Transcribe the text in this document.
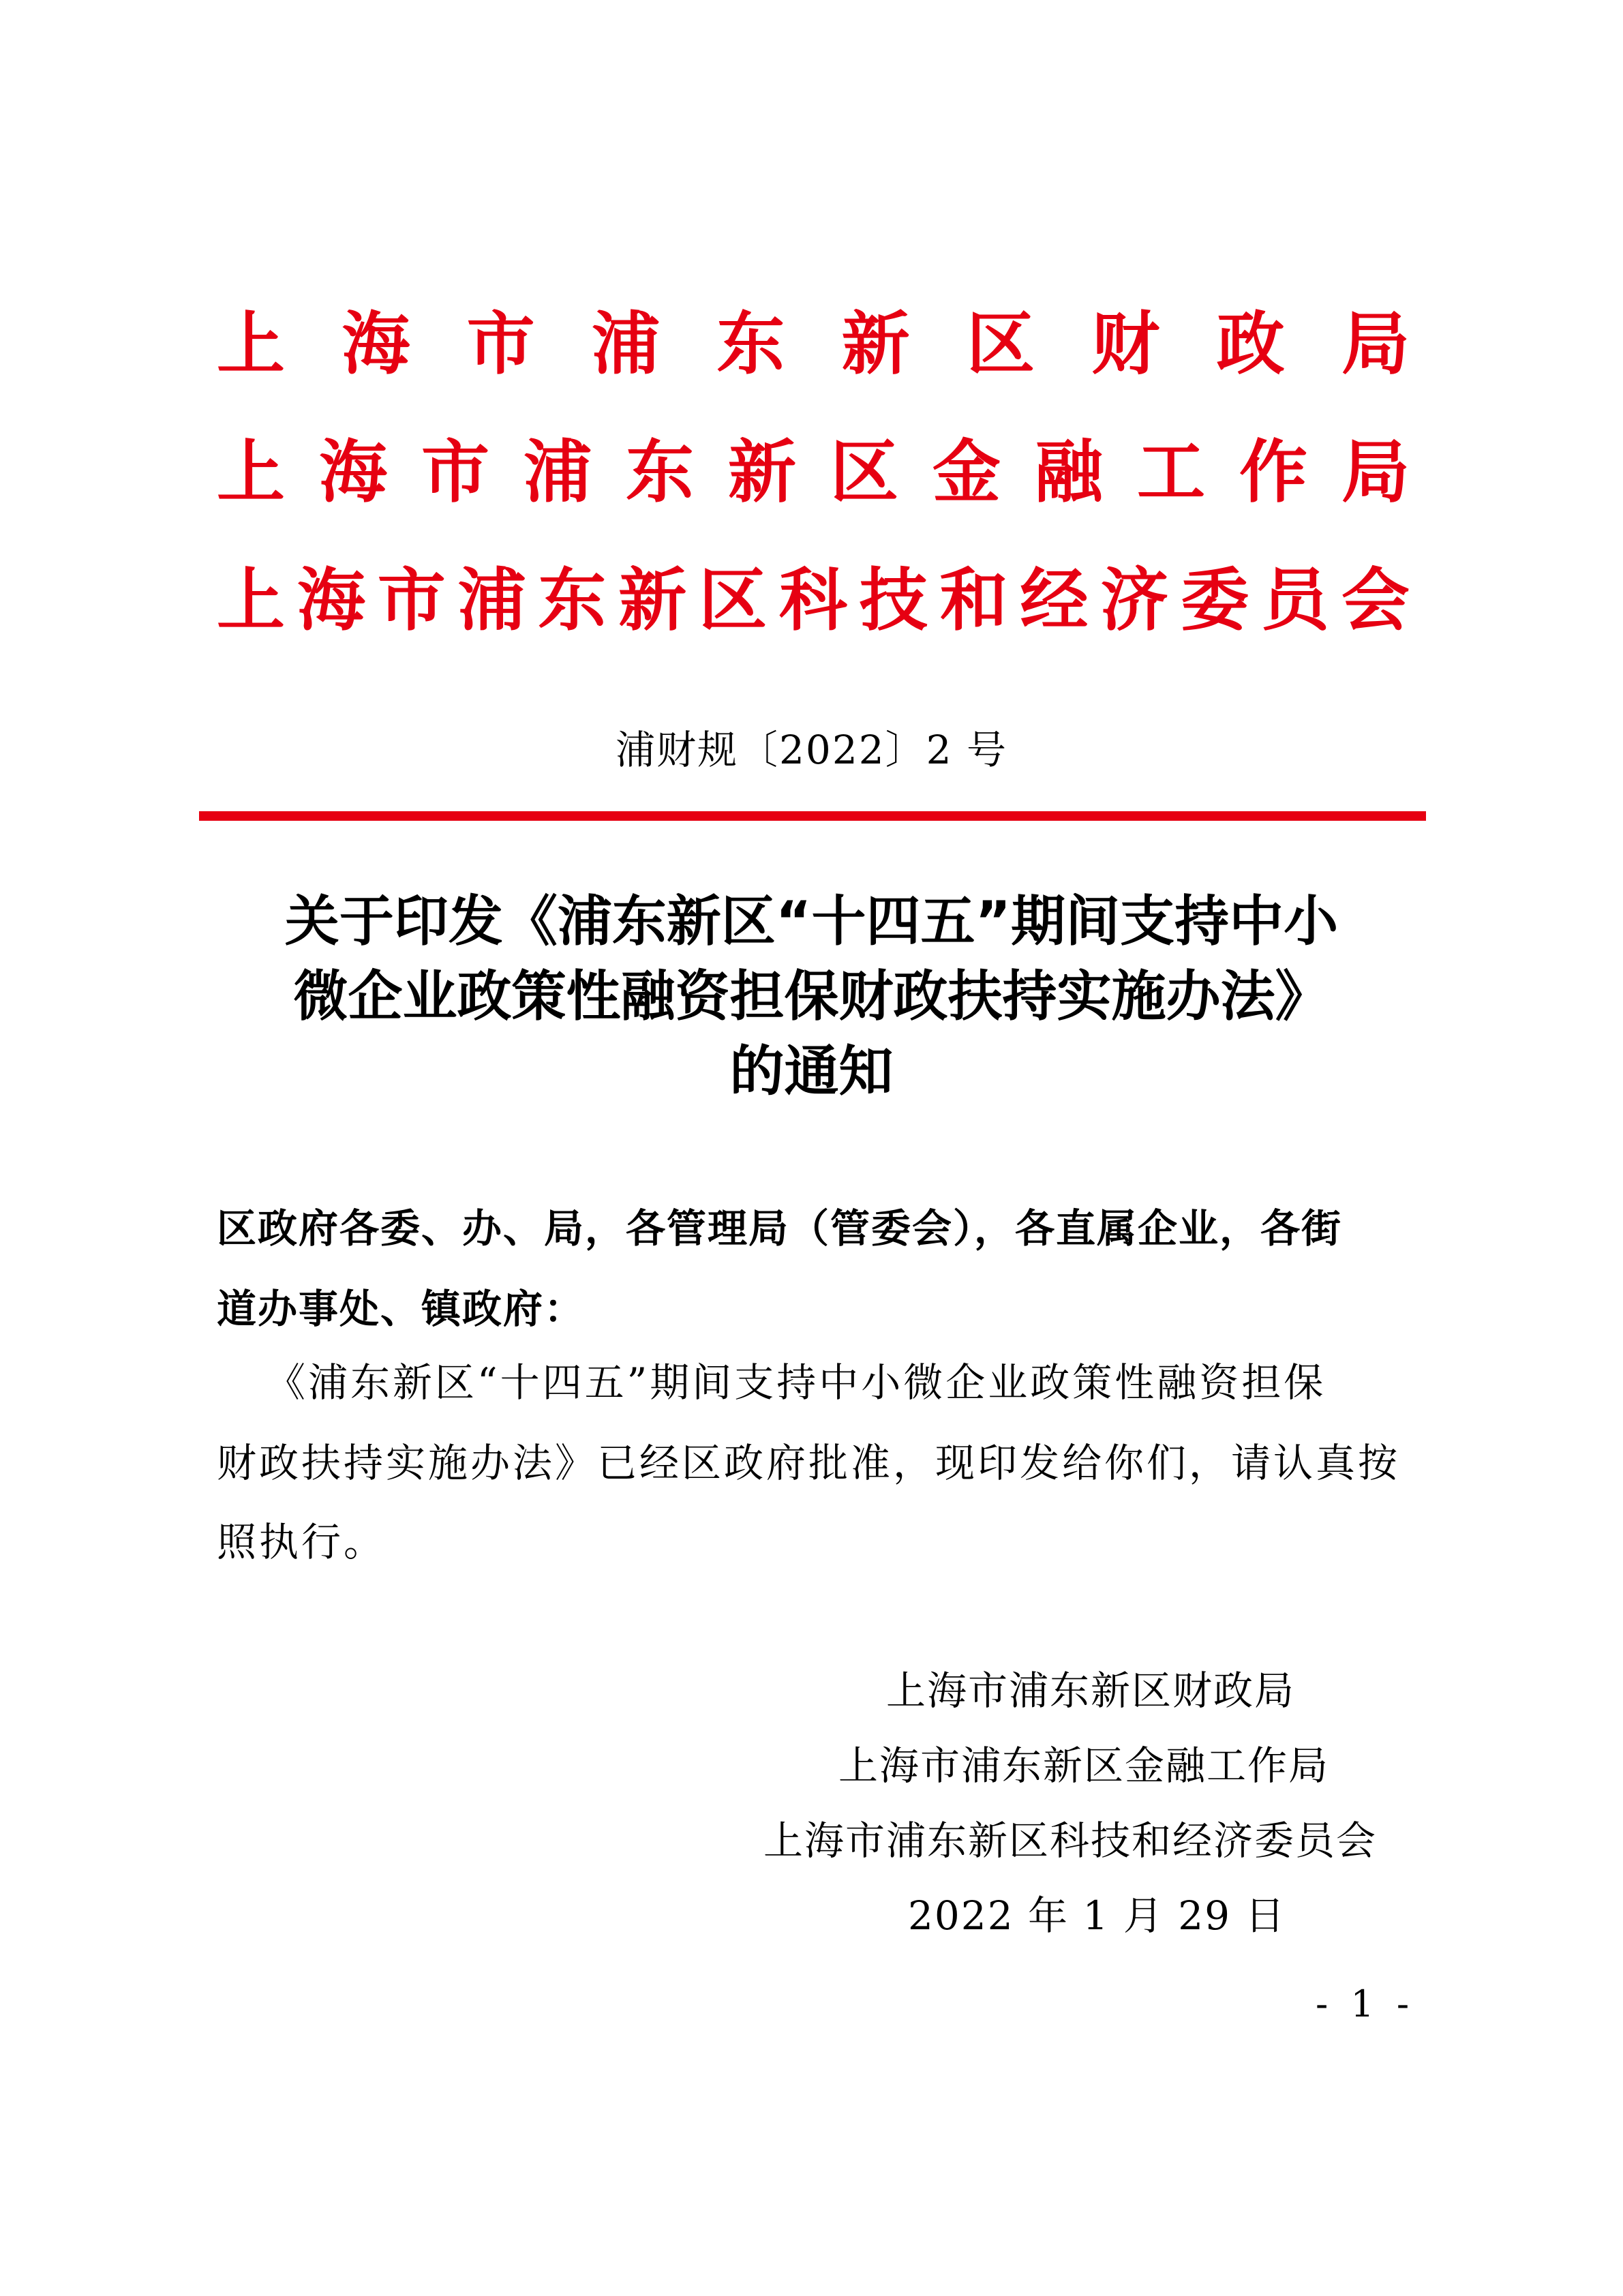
上 海 市 浦 东 新 区 财 政 局
上 海 市 浦 东 新 区 金 融 工 作 局
上 海 市 浦 东 新 区 科 技 和 经 济 委 员 会
浦财规〔2022〕2 号
关于印发《浦东新区“十四五”期间支持中小
微企业政策性融资担保财政扶持实施办法》
的通知
区政府各委、办、局，各管理局（管委会），各直属企业，各街
道办事处、镇政府：
《浦东新区“十四五”期间支持中小微企业政策性融资担保
财政扶持实施办法》已经区政府批准，现印发给你们，请认真按
照执行。
上海市浦东新区财政局
上海市浦东新区金融工作局
上海市浦东新区科技和经济委员会
2022 年 1 月 29 日
- 1 -
